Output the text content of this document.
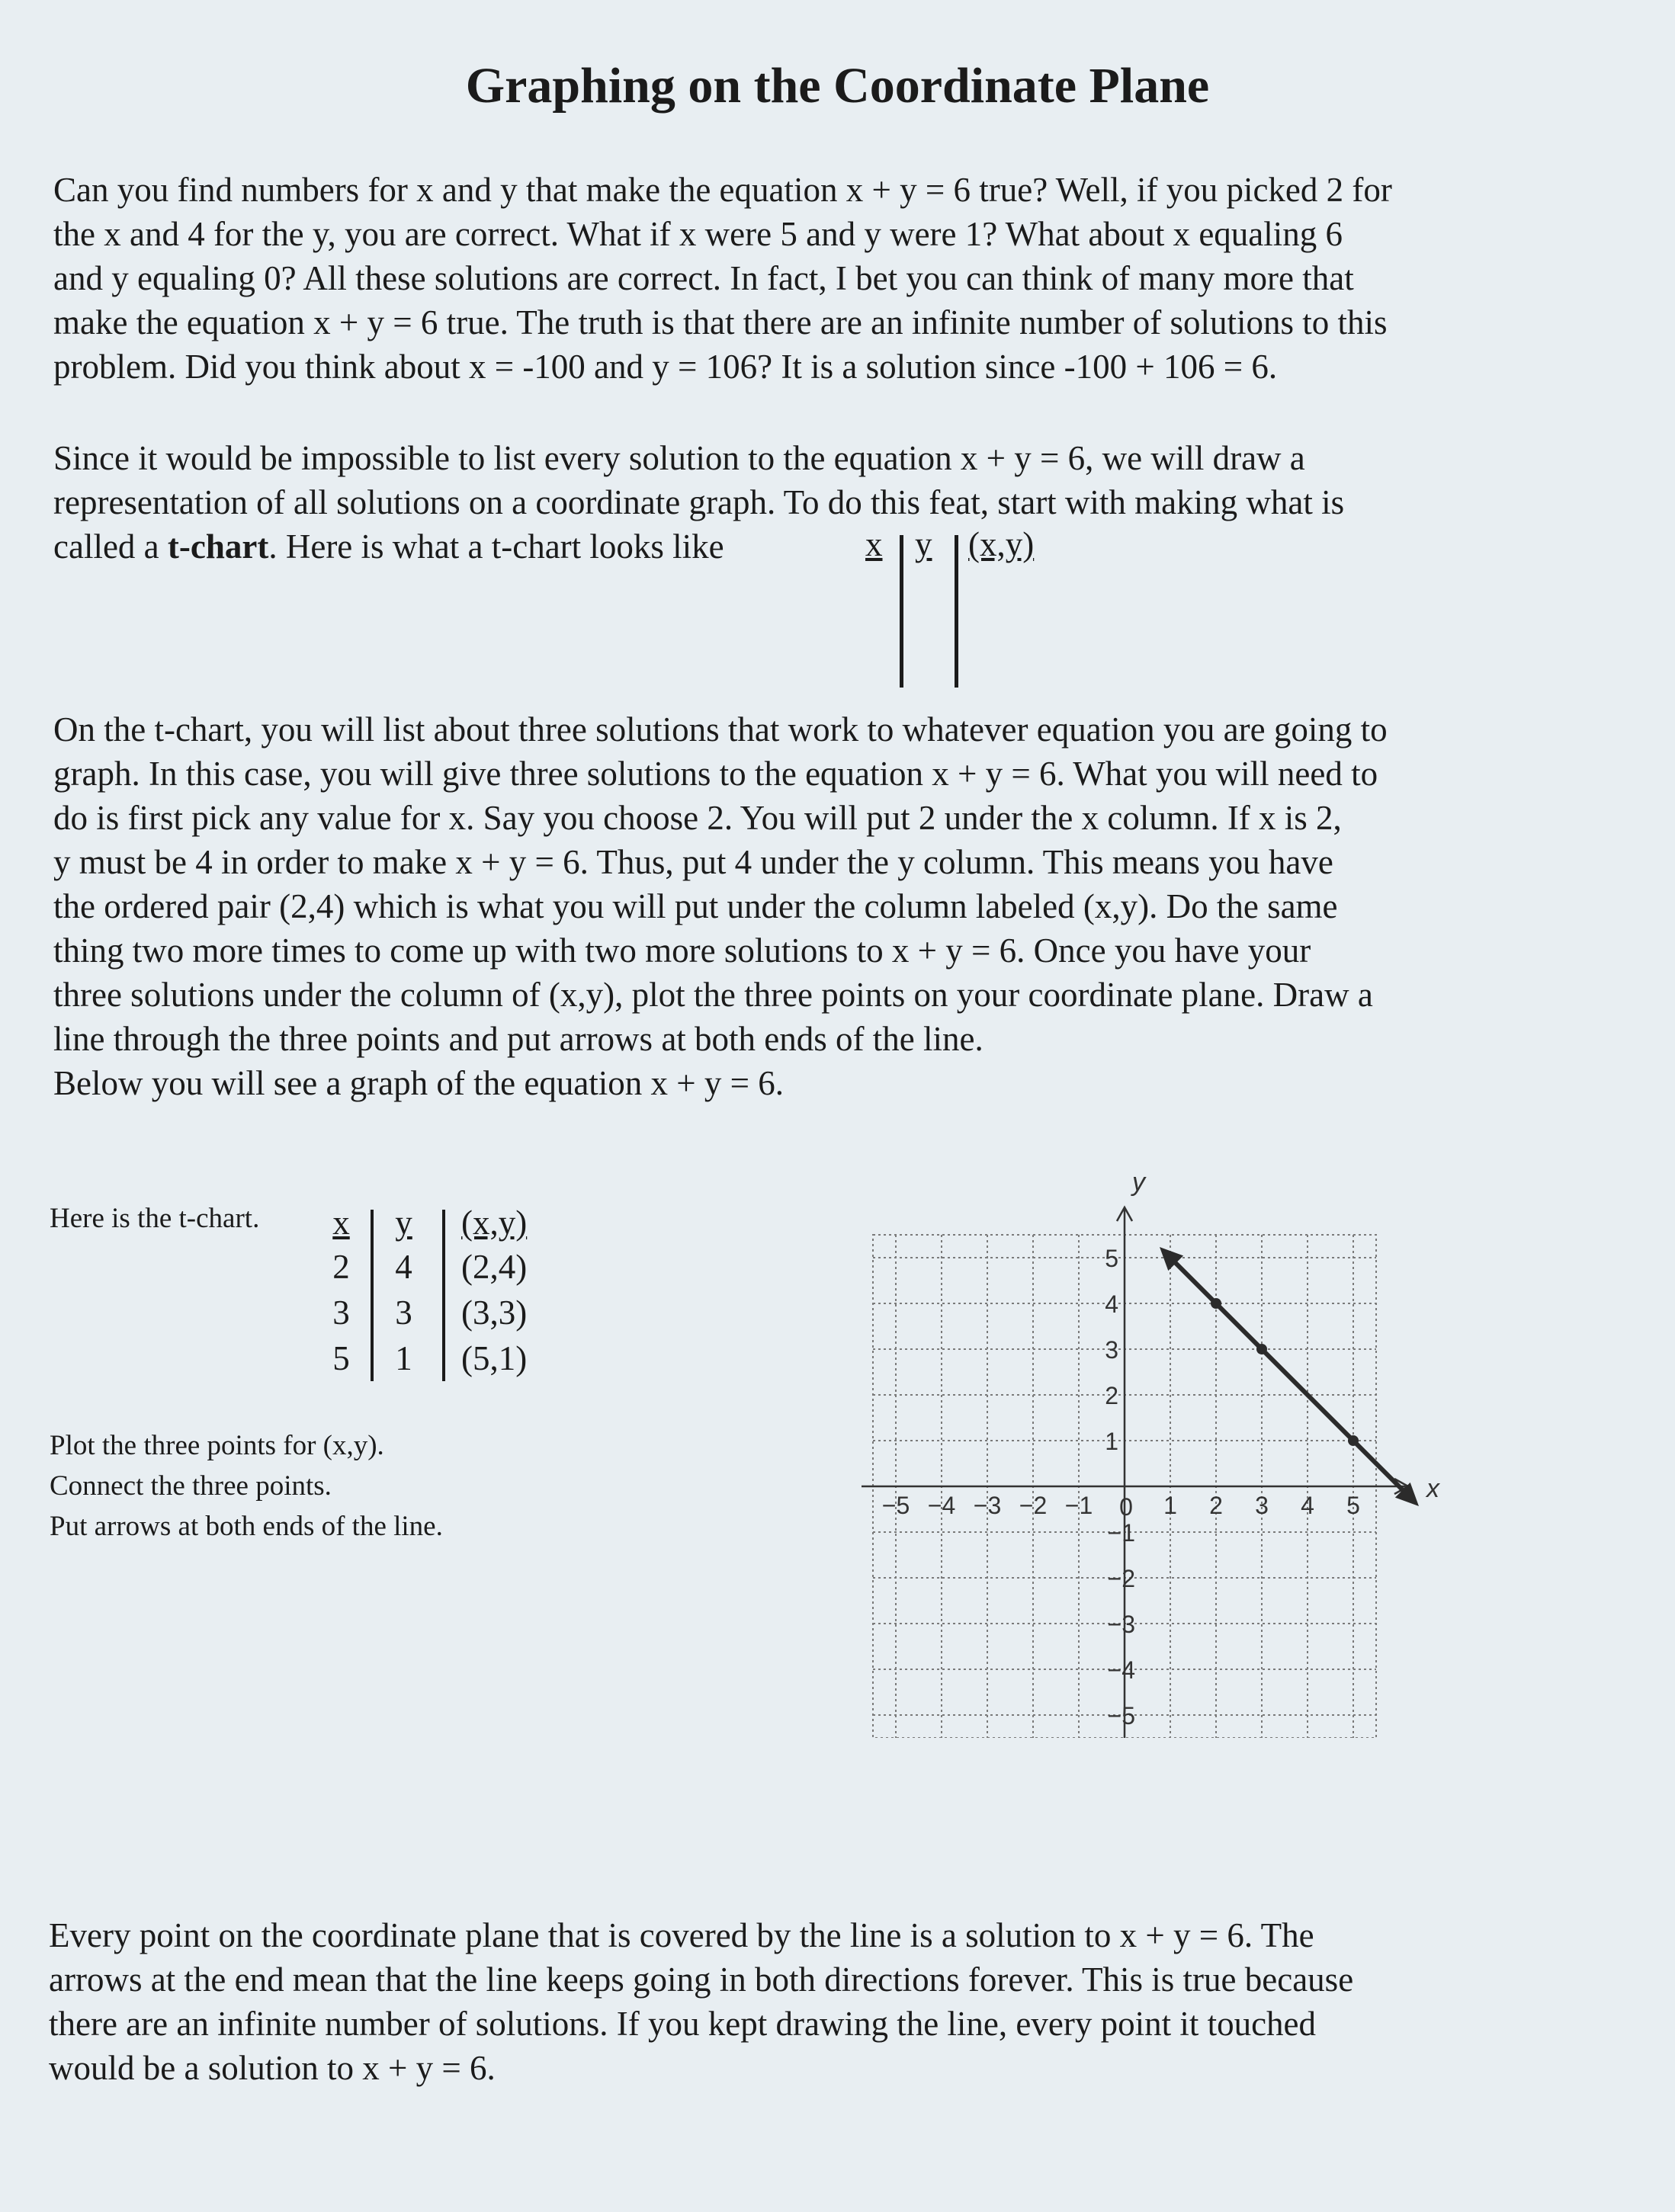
Graphing on the Coordinate Plane
Can you find numbers for x and y that make the equation x + y = 6 true? Well, if you picked 2 for
the x and 4 for the y, you are correct. What if x were 5 and y were 1? What about x equaling 6
and y equaling 0? All these solutions are correct. In fact, I bet you can think of many more that
make the equation x + y = 6 true. The truth is that there are an infinite number of solutions to this
problem. Did you think about x = -100 and y = 106? It is a solution since -100 + 106 = 6.
Since it would be impossible to list every solution to the equation x + y = 6, we will draw a
representation of all solutions on a coordinate graph. To do this feat, start with making what is
called a t-chart. Here is what a t-chart looks like	x y (x,y)
On the t-chart, you will list about three solutions that work to whatever equation you are going to
graph. In this case, you will give three solutions to the equation x + y = 6. What you will need to
do is first pick any value for x. Say you choose 2. You will put 2 under the x column. If x is 2,
y must be 4 in order to make x + y = 6. Thus, put 4 under the y column. This means you have
the ordered pair (2,4) which is what you will put under the column labeled (x,y). Do the same
thing two more times to come up with two more solutions to x + y = 6. Once you have your
three solutions under the column of (x,y), plot the three points on your coordinate plane. Draw a
line through the three points and put arrows at both ends of the line.
Below you will see a graph of the equation x + y = 6.
Here is the t-chart.	x	y	(x,y)
2	4	(2,4)
3	3	(3,3)
5	1	(5,1)
Plot the three points for (x,y).
Connect the three points.
Put arrows at both ends of the line.
x
y
−5 −4 −3 −2 −1	1 2 3 4 5
5
4
3
2
1
−1
−2
−3
−4
−5
0
Every point on the coordinate plane that is covered by the line is a solution to x + y = 6. The
arrows at the end mean that the line keeps going in both directions forever. This is true because
there are an infinite number of solutions. If you kept drawing the line, every point it touched
would be a solution to x + y = 6.
